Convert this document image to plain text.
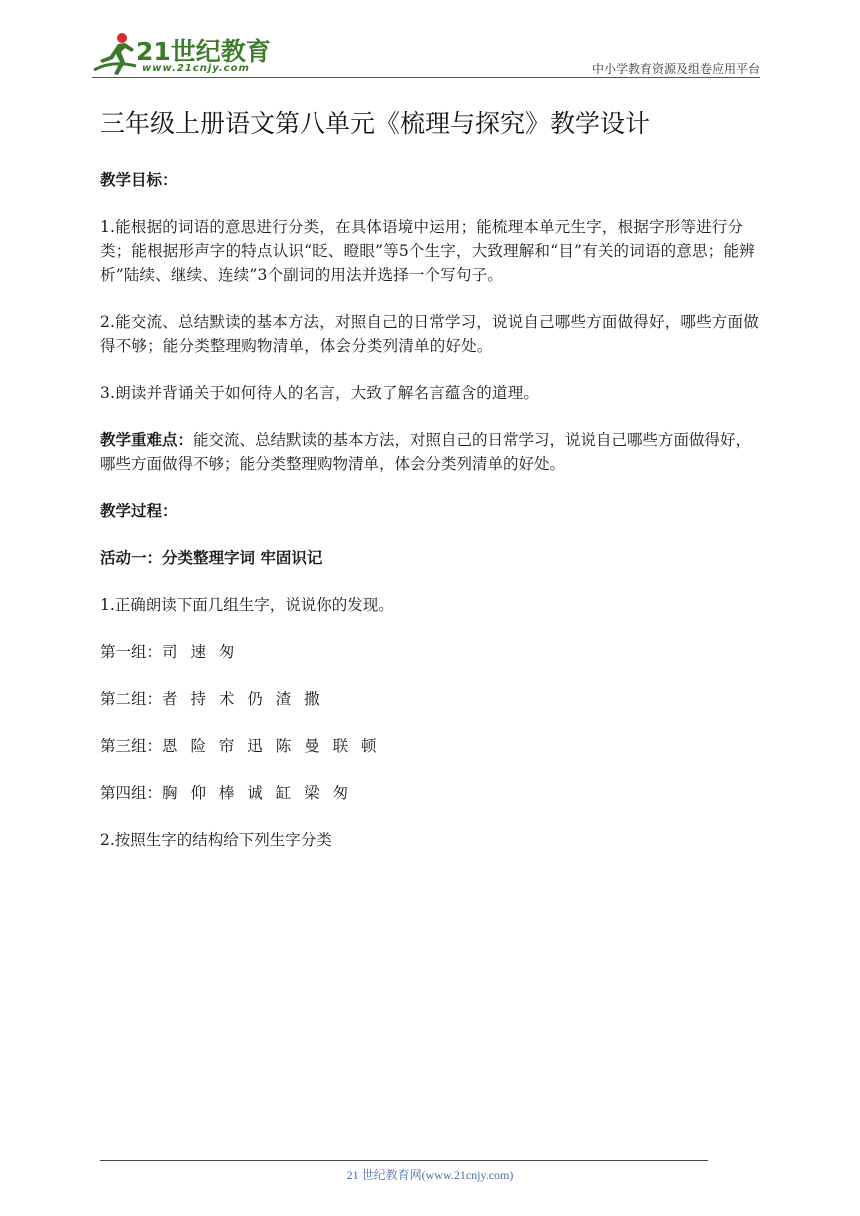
21世纪教育
www.21cnjy.com	中小学教育资源及组卷应用平台
三年级上册语文第八单元《梳理与探究》教学设计

教学目标：

1.能根据的词语的意思进行分类，在具体语境中运用；能梳理本单元生字，根据字形等进行分类；能根据形声字的特点认识“眨、瞪眼”等5个生字，大致理解和“目”有关的词语的意思；能辨析”陆续、继续、连续”3个副词的用法并选择一个写句子。

2.能交流、总结默读的基本方法，对照自己的日常学习，说说自己哪些方面做得好，哪些方面做得不够；能分类整理购物清单，体会分类列清单的好处。

3.朗读并背诵关于如何待人的名言，大致了解名言蕴含的道理。

教学重难点：能交流、总结默读的基本方法，对照自己的日常学习，说说自己哪些方面做得好，哪些方面做得不够；能分类整理购物清单，体会分类列清单的好处。

教学过程：

活动一：分类整理字词 牢固识记

1.正确朗读下面几组生字，说说你的发现。

第一组：司 速 匆

第二组：者 持 术 仍 渣 撒

第三组：恩 险 帘 迅 陈 曼 联 顿

第四组：胸 仰 棒 诚 缸 梁 匆

2.按照生字的结构给下列生字分类

21 世纪教育网(www.21cnjy.com)
